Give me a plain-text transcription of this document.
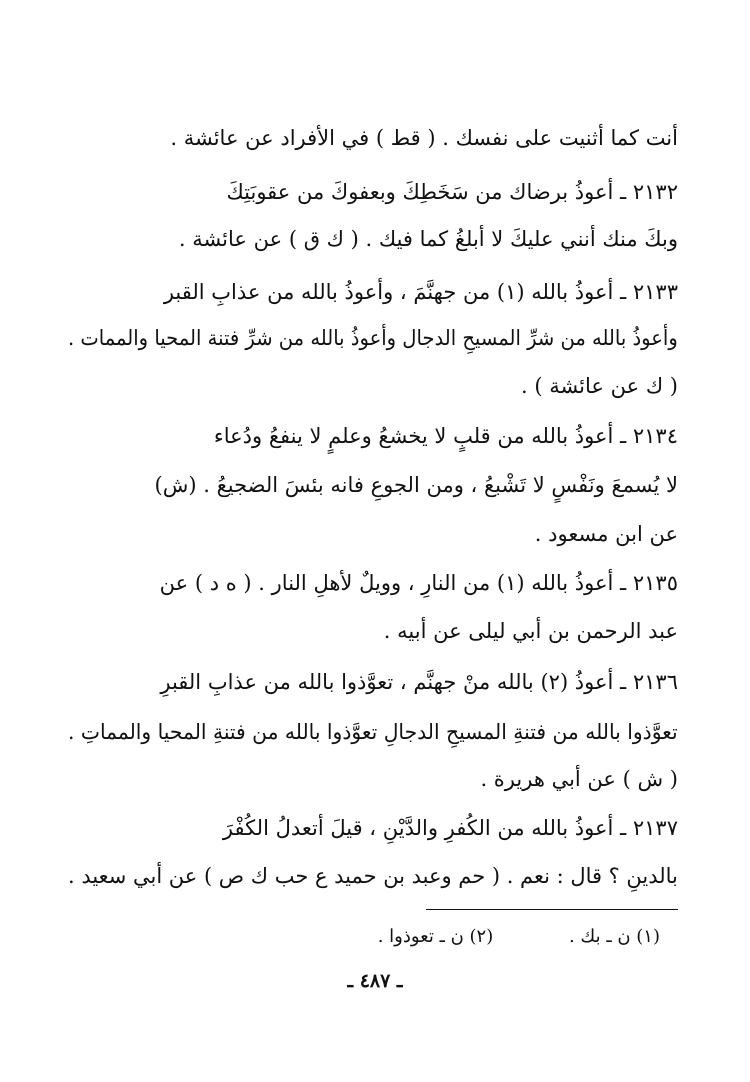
أنت كما أثنيت على نفسك . ( قط ) في الأفراد عن عائشة .
٢١٣٢ ـ أعوذُ برضاك من سَخَطِكَ وبعفوكَ من عقوبَتِكَ
وبكَ منك أنني عليكَ لا أبلغُ كما فيك . ( ك ق ) عن عائشة .
٢١٣٣ ـ أعوذُ بالله (١) من جهنَّمَ ، وأعوذُ بالله من عذابِ القبر
وأعوذُ بالله من شرِّ المسيحِ الدجال وأعوذُ بالله من شرِّ فتنة المحيا والممات .
( ك عن عائشة ) .
٢١٣٤ ـ أعوذُ بالله من قلبٍ لا يخشعُ وعلمٍ لا ينفعُ ودُعاء
لا يُسمعَ ونَفْسٍ لا تَشْبعُ ، ومن الجوعِ فانه بئسَ الضجيعُ . (ش)
عن ابن مسعود .
٢١٣٥ ـ أعوذُ بالله (١) من النارِ ، وويلٌ لأهلِ النار . ( ه د ) عن
عبد الرحمن بن أبي ليلى عن أبيه .
٢١٣٦ ـ أعوذُ (٢) بالله منْ جهنَّم ، تعوَّذوا بالله من عذابِ القبرِ
تعوَّذوا بالله من فتنةِ المسيحِ الدجالِ تعوَّذوا بالله من فتنةِ المحيا والمماتِ .
( ش ) عن أبي هريرة .
٢١٣٧ ـ أعوذُ بالله من الكُفرِ والدَّيْنِ ، قيلَ أتعدلُ الكُفْرَ
بالدينِ ؟ قال : نعم . ( حم وعبد بن حميد ع حب ك ص ) عن أبي سعيد .
(١) ن ـ بك . (٢) ن ـ تعوذوا .
ـ ٤٨٧ ـ
